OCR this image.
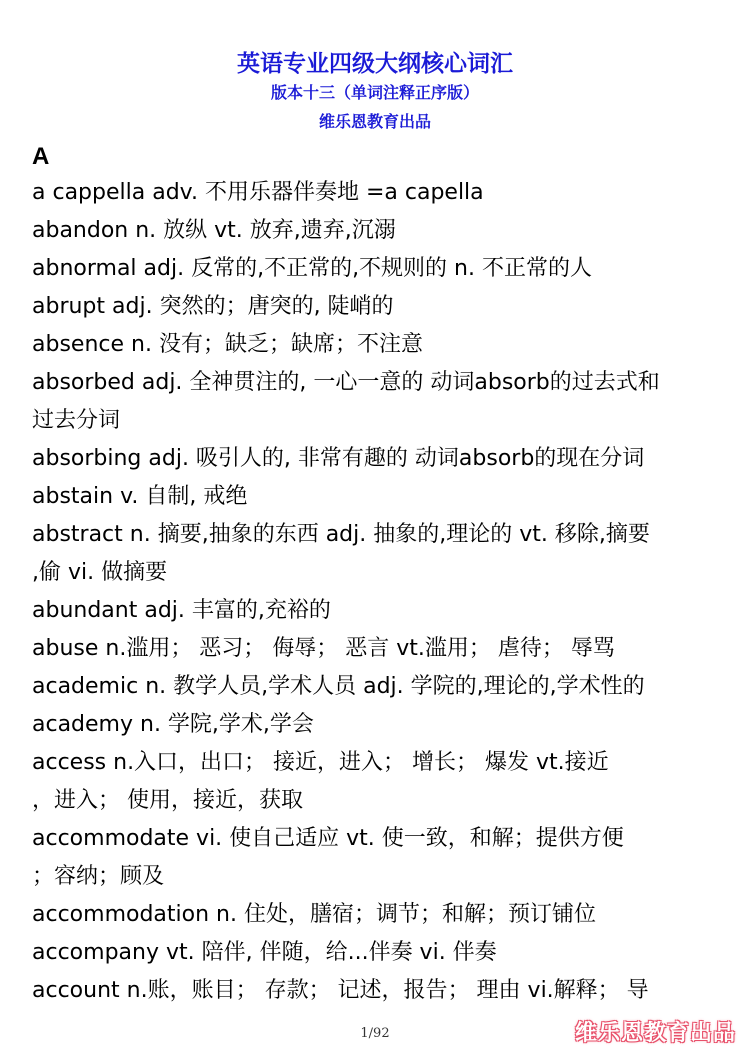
英语专业四级大纲核心词汇
版本十三（单词注释正序版）
维乐恩教育出品
A
a cappella adv. 不用乐器伴奏地 =a capella
abandon n. 放纵 vt. 放弃,遗弃,沉溺
abnormal adj. 反常的,不正常的,不规则的 n. 不正常的人
abrupt adj. 突然的；唐突的, 陡峭的
absence n. 没有；缺乏；缺席；不注意
absorbed adj. 全神贯注的, 一心一意的 动词absorb的过去式和
过去分词
absorbing adj. 吸引人的, 非常有趣的 动词absorb的现在分词
abstain v. 自制, 戒绝
abstract n. 摘要,抽象的东西 adj. 抽象的,理论的 vt. 移除,摘要
,偷 vi. 做摘要
abundant adj. 丰富的,充裕的
abuse n.滥用； 恶习； 侮辱； 恶言 vt.滥用； 虐待； 辱骂
academic n. 教学人员,学术人员 adj. 学院的,理论的,学术性的
academy n. 学院,学术,学会
access n.入口，出口； 接近，进入； 增长； 爆发 vt.接近
，进入； 使用，接近，获取
accommodate vi. 使自己适应 vt. 使一致，和解；提供方便
；容纳；顾及
accommodation n. 住处，膳宿；调节；和解；预订铺位
accompany vt. 陪伴, 伴随，给...伴奏 vi. 伴奏
account n.账，账目； 存款； 记述，报告； 理由 vi.解释； 导
1/92	维乐恩教育出品
